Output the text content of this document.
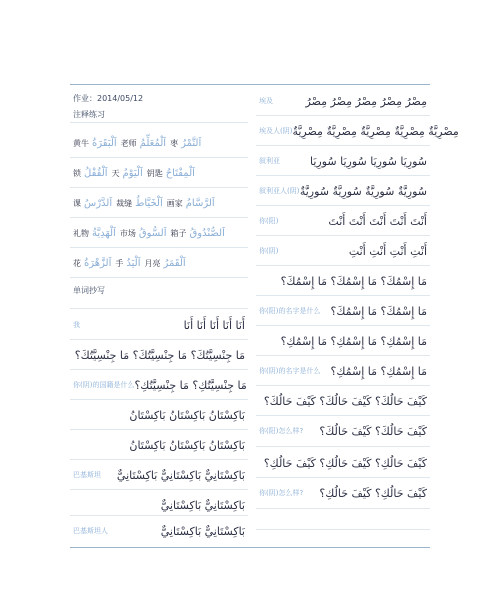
作业：2014/05/12
注释练习
黄牛 اَلْبَقَرَةُ 老师 اَلْمُعَلِّمُ 枣 اَلتَّمْرُ
锁 اَلْقُفْلُ 天 اَلْيَوْمُ 钥匙 اَلْمِفْتَاحُ
课 اَلدَّرْسُ 裁缝 اَلْخَيَّاطُ 画家 اَلرَّسَّامُ
礼物 اَلْهَدِيَّةُ 市场 اَلسُّوقُ 箱子 اَلصُّنْدُوقُ
花 اَلزَّهْرَةُ 手 اَلْيَدُ 月亮 اَلْقَمَرُ
单词抄写
我	أَنَا أَنَا أَنَا أَنَا أَنَا
مَا جِنْسِيَّتُكَ؟ مَا جِنْسِيَّتُكَ؟ مَا جِنْسِيَّتُكَ؟
你(阴)的国籍是什么 مَا جِنْسِيَّتُكِ؟ مَا جِنْسِيَّتُكِ؟
بَاكِسْتَانُ بَاكِسْتَانُ بَاكِسْتَانُ
بَاكِسْتَانُ بَاكِسْتَانُ بَاكِسْتَانُ
巴基斯坦 بَاكِسْتَانِيٌّ بَاكِسْتَانِيٌّ بَاكِسْتَانِيٌّ
بَاكِسْتَانِيٌّ بَاكِسْتَانِيٌّ
巴基斯坦人	بَاكِسْتَانِيٌّ بَاكِسْتَانِيٌّ
埃及	مِصْرُ مِصْرُ مِصْرُ مِصْرُ مِصْرُ
埃及人(阴) مِصْرِيَّةٌ مِصْرِيَّةٌ مِصْرِيَّةٌ مِصْرِيَّةٌ مِصْرِيَّةٌ
叙利亚	سُورِيَا سُورِيَا سُورِيَا سُورِيَا
叙利亚人(阴) سُورِيَّةٌ سُورِيَّةٌ سُورِيَّةٌ سُورِيَّةٌ
你(阳)	أَنْتَ أَنْتَ أَنْتَ أَنْتَ أَنْتَ
你(阴)	أَنْتِ أَنْتِ أَنْتِ أَنْتِ
مَا إِسْمُكَ؟ مَا إِسْمُكَ؟ مَا إِسْمُكَ؟
你(阳)的名字是什么 مَا إِسْمُكَ؟ مَا إِسْمُكَ؟
مَا إِسْمُكِ؟ مَا إِسْمُكِ؟ مَا إِسْمُكِ؟
你(阴)的名字是什么 مَا إِسْمُكِ؟ مَا إِسْمُكِ؟
كَيْفَ حَالُكَ؟ كَيْفَ حَالُكَ؟ كَيْفَ حَالُكَ؟
你(阳)怎么样? كَيْفَ حَالُكَ؟ كَيْفَ حَالُكَ؟
كَيْفَ حَالُكِ؟ كَيْفَ حَالُكِ؟ كَيْفَ حَالُكِ؟
你(阴)怎么样? كَيْفَ حَالُكِ؟ كَيْفَ حَالُكِ؟
